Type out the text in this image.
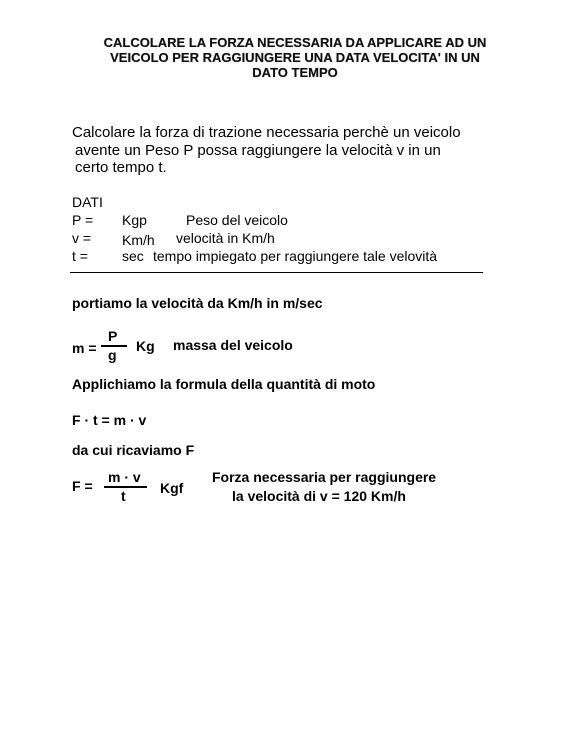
CALCOLARE LA FORZA NECESSARIA DA APPLICARE AD UN
VEICOLO PER RAGGIUNGERE UNA DATA VELOCITA' IN UN
DATO TEMPO
Calcolare la forza di trazione necessaria perchè un veicolo
avente un Peso P possa raggiungere la velocità v in un
certo tempo t.
DATI
P = Kgp	Peso del veicolo
v = Km/h velocità in Km/h
t = sec tempo impiegato per raggiungere tale velovità
portiamo la velocità da Km/h in m/sec
m =
P
g
Kg massa del veicolo
Applichiamo la formula della quantità di moto
F · t = m · v
da cui ricaviamo F
F =
m · v
t Kgf
Forza necessaria per raggiungere
la velocità di v = 120 Km/h
